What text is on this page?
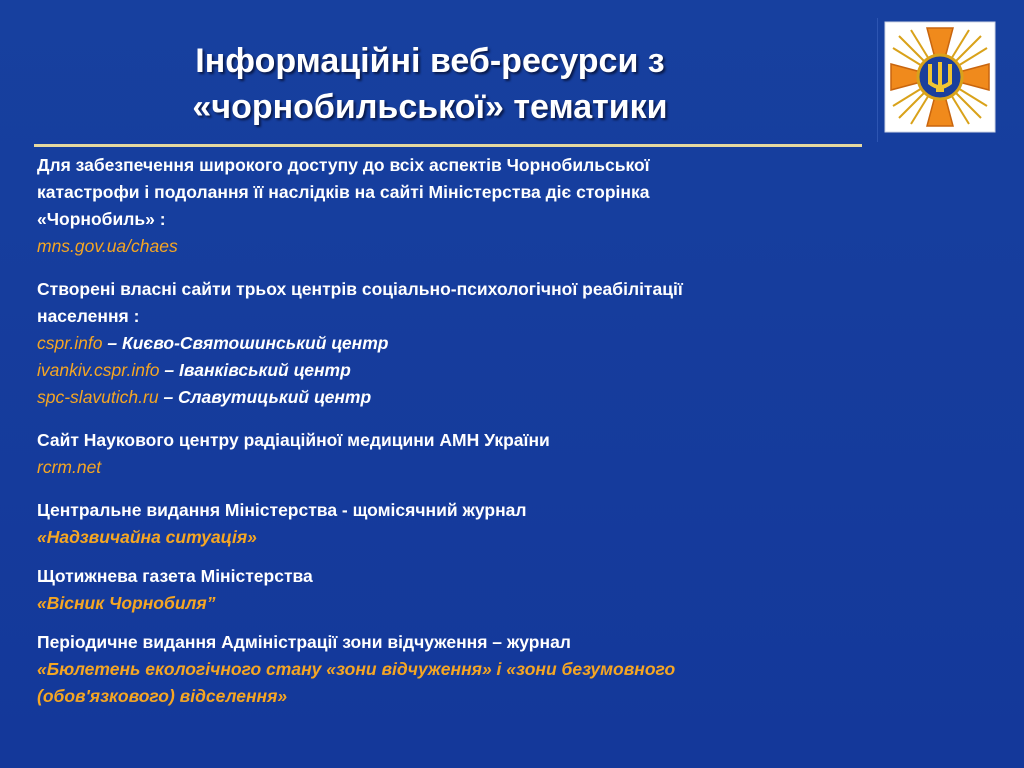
Інформаційні веб-ресурси з
«чорнобильської» тематики

Для забезпечення широкого доступу до всіх аспектів Чорнобильської

катастрофи і подолання її наслідків на сайті Міністерства діє сторінка

«Чорнобиль» :

mns.gov.ua/chaes

Створені власні сайти трьох центрів соціально-психологічної реабілітації

населення :

cspr.info – Києво-Святошинський центр

ivankiv.cspr.info – Іванківський центр

spc-slavutich.ru – Славутицький центр

Сайт Наукового центру радіаційної медицини АМН України

rcrm.net

Центральне видання Міністерства - щомісячний журнал

«Надзвичайна ситуація»

Щотижнева газета Міністерства

«Вісник Чорнобиля”

Періодичне видання Адміністрації зони відчуження – журнал

«Бюлетень екологічного стану «зони відчуження» і «зони безумовного

(обов'язкового) відселення»
